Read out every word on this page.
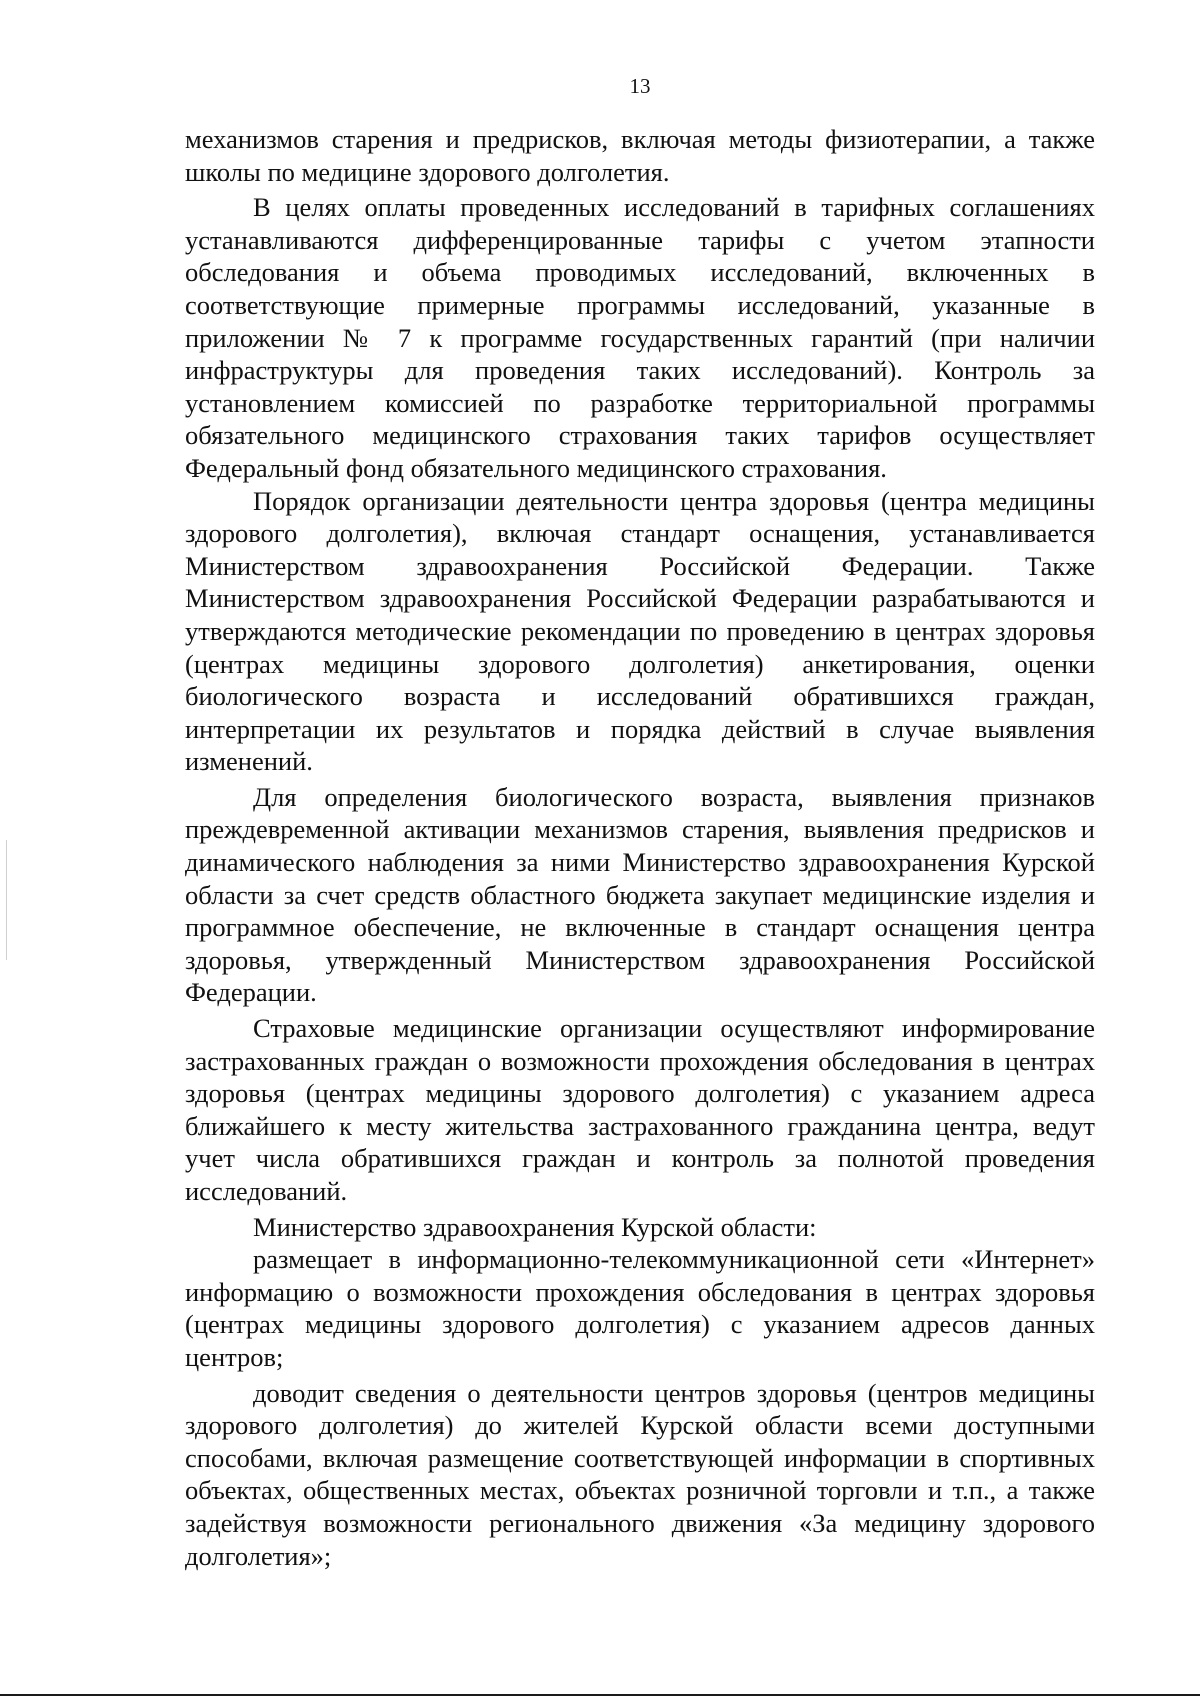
13

механизмов старения и предрисков, включая методы физиотерапии, а также школы по медицине здорового долголетия.

В целях оплаты проведенных исследований в тарифных соглашениях устанавливаются дифференцированные тарифы с учетом этапности обследования и объема проводимых исследований, включенных в соответствующие примерные программы исследований, указанные в приложении № 7 к программе государственных гарантий (при наличии инфраструктуры для проведения таких исследований). Контроль за установлением комиссией по разработке территориальной программы обязательного медицинского страхования таких тарифов осуществляет Федеральный фонд обязательного медицинского страхования.

Порядок организации деятельности центра здоровья (центра медицины здорового долголетия), включая стандарт оснащения, устанавливается Министерством здравоохранения Российской Федерации. Также Министерством здравоохранения Российской Федерации разрабатываются и утверждаются методические рекомендации по проведению в центрах здоровья (центрах медицины здорового долголетия) анкетирования, оценки биологического возраста и исследований обратившихся граждан, интерпретации их результатов и порядка действий в случае выявления изменений.

Для определения биологического возраста, выявления признаков преждевременной активации механизмов старения, выявления предрисков и динамического наблюдения за ними Министерство здравоохранения Курской области за счет средств областного бюджета закупает медицинские изделия и программное обеспечение, не включенные в стандарт оснащения центра здоровья, утвержденный Министерством здравоохранения Российской Федерации.

Страховые медицинские организации осуществляют информирование застрахованных граждан о возможности прохождения обследования в центрах здоровья (центрах медицины здорового долголетия) с указанием адреса ближайшего к месту жительства застрахованного гражданина центра, ведут учет числа обратившихся граждан и контроль за полнотой проведения исследований.

Министерство здравоохранения Курской области:

размещает в информационно-телекоммуникационной сети «Интернет» информацию о возможности прохождения обследования в центрах здоровья (центрах медицины здорового долголетия) с указанием адресов данных центров;

доводит сведения о деятельности центров здоровья (центров медицины здорового долголетия) до жителей Курской области всеми доступными способами, включая размещение соответствующей информации в спортивных объектах, общественных местах, объектах розничной торговли и т.п., а также задействуя возможности регионального движения «За медицину здорового долголетия»;
